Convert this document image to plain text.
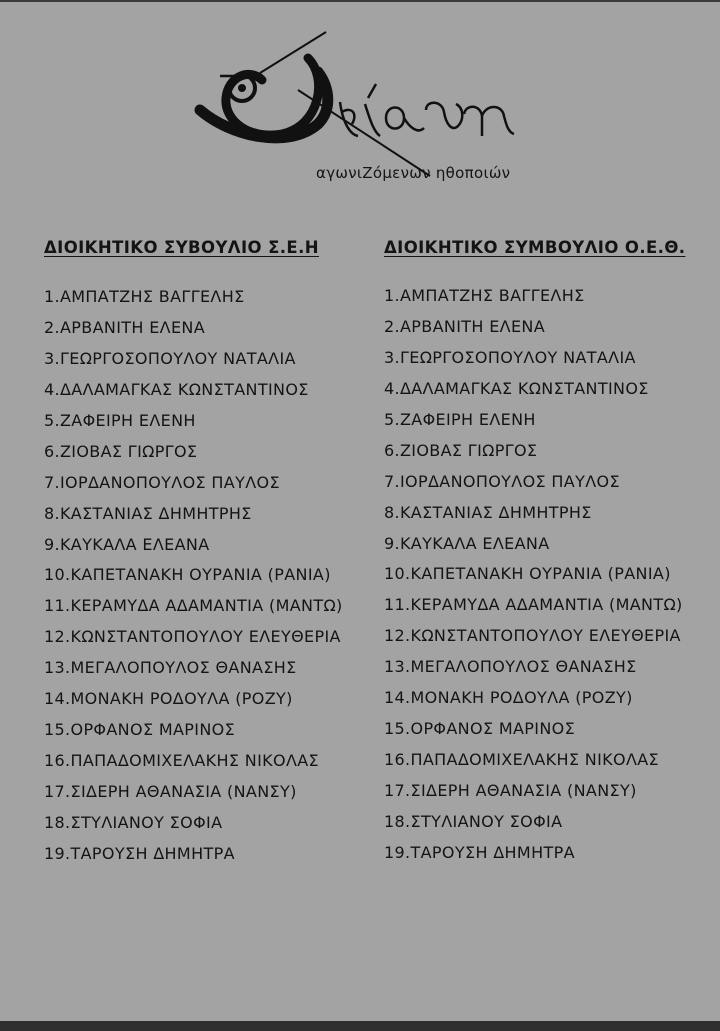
αγωνιΖόμενων ηθοποιών
ΔΙΟΙΚΗΤΙΚΟ ΣΥΒΟΥΛΙΟ Σ.Ε.Η
1.ΑΜΠΑΤΖΗΣ ΒΑΓΓΕΛΗΣ
2.ΑΡΒΑΝΙΤΗ ΕΛΕΝΑ
3.ΓΕΩΡΓΟΣΟΠΟΥΛΟΥ ΝΑΤΑΛΙΑ
4.ΔΑΛΑΜΑΓΚΑΣ ΚΩΝΣΤΑΝΤΙΝΟΣ
5.ΖΑΦΕΙΡΗ ΕΛΕΝΗ
6.ΖΙΟΒΑΣ ΓΙΩΡΓΟΣ
7.ΙΟΡΔΑΝΟΠΟΥΛΟΣ ΠΑΥΛΟΣ
8.ΚΑΣΤΑΝΙΑΣ ΔΗΜΗΤΡΗΣ
9.ΚΑΥΚΑΛΑ ΕΛΕΑΝΑ
10.ΚΑΠΕΤΑΝΑΚΗ ΟΥΡΑΝΙΑ (ΡΑΝΙΑ)
11.ΚΕΡΑΜΥΔΑ ΑΔΑΜΑΝΤΙΑ (ΜΑΝΤΩ)
12.ΚΩΝΣΤΑΝΤΟΠΟΥΛΟΥ ΕΛΕΥΘΕΡΙΑ
13.ΜΕΓΑΛΟΠΟΥΛΟΣ ΘΑΝΑΣΗΣ
14.ΜΟΝΑΚΗ ΡΟΔΟΥΛΑ (ΡΟΖΥ)
15.ΟΡΦΑΝΟΣ ΜΑΡΙΝΟΣ
16.ΠΑΠΑΔΟΜΙΧΕΛΑΚΗΣ ΝΙΚΟΛΑΣ
17.ΣΙΔΕΡΗ ΑΘΑΝΑΣΙΑ (ΝΑΝΣΥ)
18.ΣΤΥΛΙΑΝΟΥ ΣΟΦΙΑ
19.ΤΑΡΟΥΣΗ ΔΗΜΗΤΡΑ
ΔΙΟΙΚΗΤΙΚΟ ΣΥΜΒΟΥΛΙΟ Ο.Ε.Θ.
1.ΑΜΠΑΤΖΗΣ ΒΑΓΓΕΛΗΣ
2.ΑΡΒΑΝΙΤΗ ΕΛΕΝΑ
3.ΓΕΩΡΓΟΣΟΠΟΥΛΟΥ ΝΑΤΑΛΙΑ
4.ΔΑΛΑΜΑΓΚΑΣ ΚΩΝΣΤΑΝΤΙΝΟΣ
5.ΖΑΦΕΙΡΗ ΕΛΕΝΗ
6.ΖΙΟΒΑΣ ΓΙΩΡΓΟΣ
7.ΙΟΡΔΑΝΟΠΟΥΛΟΣ ΠΑΥΛΟΣ
8.ΚΑΣΤΑΝΙΑΣ ΔΗΜΗΤΡΗΣ
9.ΚΑΥΚΑΛΑ ΕΛΕΑΝΑ
10.ΚΑΠΕΤΑΝΑΚΗ ΟΥΡΑΝΙΑ (ΡΑΝΙΑ)
11.ΚΕΡΑΜΥΔΑ ΑΔΑΜΑΝΤΙΑ (ΜΑΝΤΩ)
12.ΚΩΝΣΤΑΝΤΟΠΟΥΛΟΥ ΕΛΕΥΘΕΡΙΑ
13.ΜΕΓΑΛΟΠΟΥΛΟΣ ΘΑΝΑΣΗΣ
14.ΜΟΝΑΚΗ ΡΟΔΟΥΛΑ (ΡΟΖΥ)
15.ΟΡΦΑΝΟΣ ΜΑΡΙΝΟΣ
16.ΠΑΠΑΔΟΜΙΧΕΛΑΚΗΣ ΝΙΚΟΛΑΣ
17.ΣΙΔΕΡΗ ΑΘΑΝΑΣΙΑ (ΝΑΝΣΥ)
18.ΣΤΥΛΙΑΝΟΥ ΣΟΦΙΑ
19.ΤΑΡΟΥΣΗ ΔΗΜΗΤΡΑ
